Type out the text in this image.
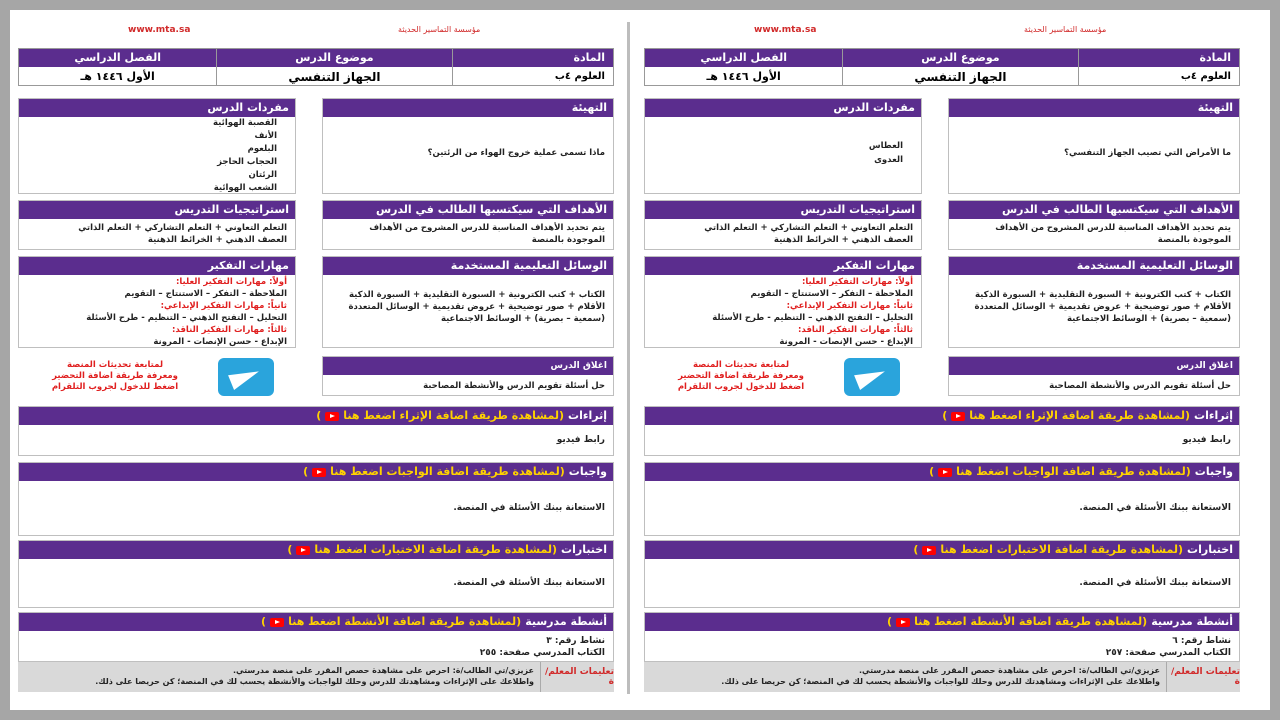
www.mta.sa	مؤسسة التماسير الحديثة
المادة
العلوم ٤ب
موضوع الدرس
الجهاز التنفسي
الفصل الدراسي
الأول ١٤٤٦ هـ
التهيئة
ماذا تسمى عملية خروج الهواء من الرئتين؟
مفردات الدرس
القصبة الهوائية
الأنف
البلعوم
الحجاب الحاجز
الرئتان
الشعب الهوائية
الأهداف التي سيكتسبها الطالب في الدرس
يتم تحديد الأهداف المناسبة للدرس المشروح من الأهداف الموجودة بالمنصة
استراتيجيات التدريس
التعلم التعاوني + التعلم التشاركي + التعلم الذاتي
العصف الذهني + الخرائط الذهنية
الوسائل التعليمية المستخدمة
الكتاب + كتب الكترونية + السبورة التقليدية + السبورة الذكية
الأقلام + صور توضيحية + عروض تقديمية + الوسائل المتعددة
(سمعية – بصرية) + الوسائط الاجتماعية
مهارات التفكير
أولاً: مهارات التفكير العليا:
الملاحظة – التفكر – الاستنتاج – التقويم
ثانياً: مهارات التفكير الإبداعي:
التحليل – التفتح الذهني – التنظيم - طرح الأسئلة
ثالثاً: مهارات التفكير الناقد:
الإبداع - حسن الإنصات - المرونة
اغلاق الدرس
حل أسئلة تقويم الدرس والأنشطة المصاحبة
لمتابعة تحديثات المنصة
ومعرفة طريقة اضافة التحضير
اضغط للدخول لجروب التلقرام
إثراءات
(لمشاهدة طريقة اضافة الإثراء اضغط هنا
)
رابط فيديو
واجبات
(لمشاهدة طريقة اضافة الواجبات اضغط هنا
)
الاستعانة ببنك الأسئلة في المنصة.
اختبارات
(لمشاهدة طريقة اضافة الاختبارات اضغط هنا
)
الاستعانة ببنك الأسئلة في المنصة.
أنشطة مدرسية
(لمشاهدة طريقة اضافة الأنشطة اضغط هنا
)
نشاط رقم: ٣
الكتاب المدرسي صفحة: ٢٥٥
تعليمات المعلم/ة
عزيزي/تي الطالب/ة: احرص على مشاهدة حصص المقرر على منصة مدرستي.
واطلاعك على الإثراءات ومشاهدتك للدرس وحلك للواجبات والأنشطة يحسب لك في المنصة؛ كن حريصا على ذلك.
www.mta.sa	مؤسسة التماسير الحديثة
المادة
العلوم ٤ب
موضوع الدرس
الجهاز التنفسي
الفصل الدراسي
الأول ١٤٤٦ هـ
التهيئة
ما الأمراض التي تصيب الجهاز التنفسي؟
مفردات الدرس
العطاس
العدوى
الأهداف التي سيكتسبها الطالب في الدرس
يتم تحديد الأهداف المناسبة للدرس المشروح من الأهداف الموجودة بالمنصة
استراتيجيات التدريس
التعلم التعاوني + التعلم التشاركي + التعلم الذاتي
العصف الذهني + الخرائط الذهنية
الوسائل التعليمية المستخدمة
الكتاب + كتب الكترونية + السبورة التقليدية + السبورة الذكية
الأقلام + صور توضيحية + عروض تقديمية + الوسائل المتعددة
(سمعية – بصرية) + الوسائط الاجتماعية
مهارات التفكير
أولاً: مهارات التفكير العليا:
الملاحظة – التفكر – الاستنتاج – التقويم
ثانياً: مهارات التفكير الإبداعي:
التحليل – التفتح الذهني – التنظيم - طرح الأسئلة
ثالثاً: مهارات التفكير الناقد:
الإبداع - حسن الإنصات - المرونة
اغلاق الدرس
حل أسئلة تقويم الدرس والأنشطة المصاحبة
لمتابعة تحديثات المنصة
ومعرفة طريقة اضافة التحضير
اضغط للدخول لجروب التلقرام
إثراءات
(لمشاهدة طريقة اضافة الإثراء اضغط هنا
)
رابط فيديو
واجبات
(لمشاهدة طريقة اضافة الواجبات اضغط هنا
)
الاستعانة ببنك الأسئلة في المنصة.
اختبارات
(لمشاهدة طريقة اضافة الاختبارات اضغط هنا
)
الاستعانة ببنك الأسئلة في المنصة.
أنشطة مدرسية
(لمشاهدة طريقة اضافة الأنشطة اضغط هنا
)
نشاط رقم: ٦
الكتاب المدرسي صفحة: ٢٥٧
تعليمات المعلم/ة
عزيزي/تي الطالب/ة: احرص على مشاهدة حصص المقرر على منصة مدرستي.
واطلاعك على الإثراءات ومشاهدتك للدرس وحلك للواجبات والأنشطة يحسب لك في المنصة؛ كن حريصا على ذلك.
